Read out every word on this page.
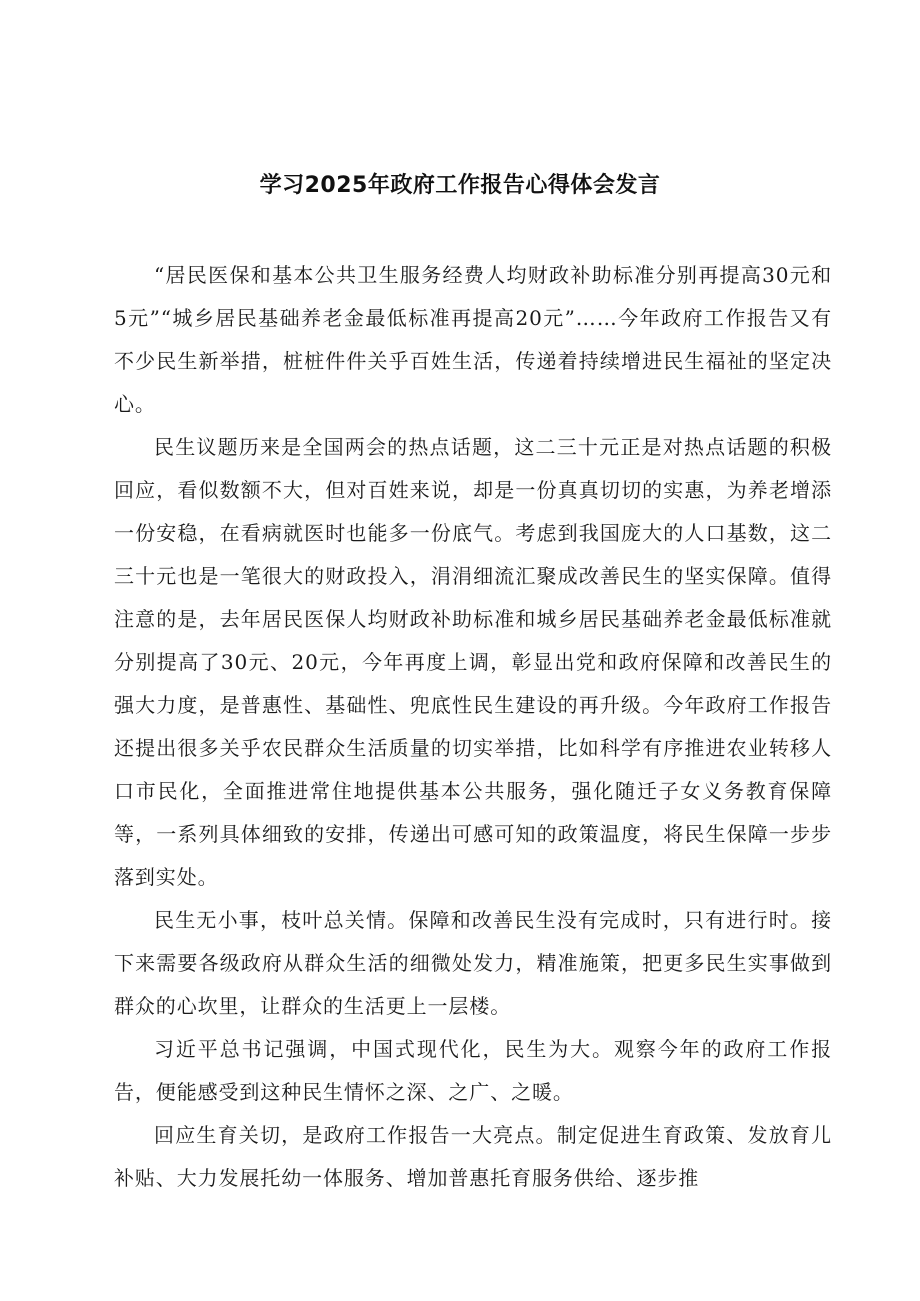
学习2025年政府工作报告心得体会发言

“居民医保和基本公共卫生服务经费人均财政补助标准分别再提高30元和5元”“城乡居民基础养老金最低标准再提高20元”……今年政府工作报告又有不少民生新举措，桩桩件件关乎百姓生活，传递着持续增进民生福祉的坚定决心。

民生议题历来是全国两会的热点话题，这二三十元正是对热点话题的积极回应，看似数额不大，但对百姓来说，却是一份真真切切的实惠，为养老增添一份安稳，在看病就医时也能多一份底气。考虑到我国庞大的人口基数，这二三十元也是一笔很大的财政投入，涓涓细流汇聚成改善民生的坚实保障。值得注意的是，去年居民医保人均财政补助标准和城乡居民基础养老金最低标准就分别提高了30元、20元，今年再度上调，彰显出党和政府保障和改善民生的强大力度，是普惠性、基础性、兜底性民生建设的再升级。今年政府工作报告还提出很多关乎农民群众生活质量的切实举措，比如科学有序推进农业转移人口市民化，全面推进常住地提供基本公共服务，强化随迁子女义务教育保障等，一系列具体细致的安排，传递出可感可知的政策温度，将民生保障一步步落到实处。

民生无小事，枝叶总关情。保障和改善民生没有完成时，只有进行时。接下来需要各级政府从群众生活的细微处发力，精准施策，把更多民生实事做到群众的心坎里，让群众的生活更上一层楼。

习近平总书记强调，中国式现代化，民生为大。观察今年的政府工作报告，便能感受到这种民生情怀之深、之广、之暖。

回应生育关切，是政府工作报告一大亮点。制定促进生育政策、发放育儿补贴、大力发展托幼一体服务、增加普惠托育服务供给、逐步推
